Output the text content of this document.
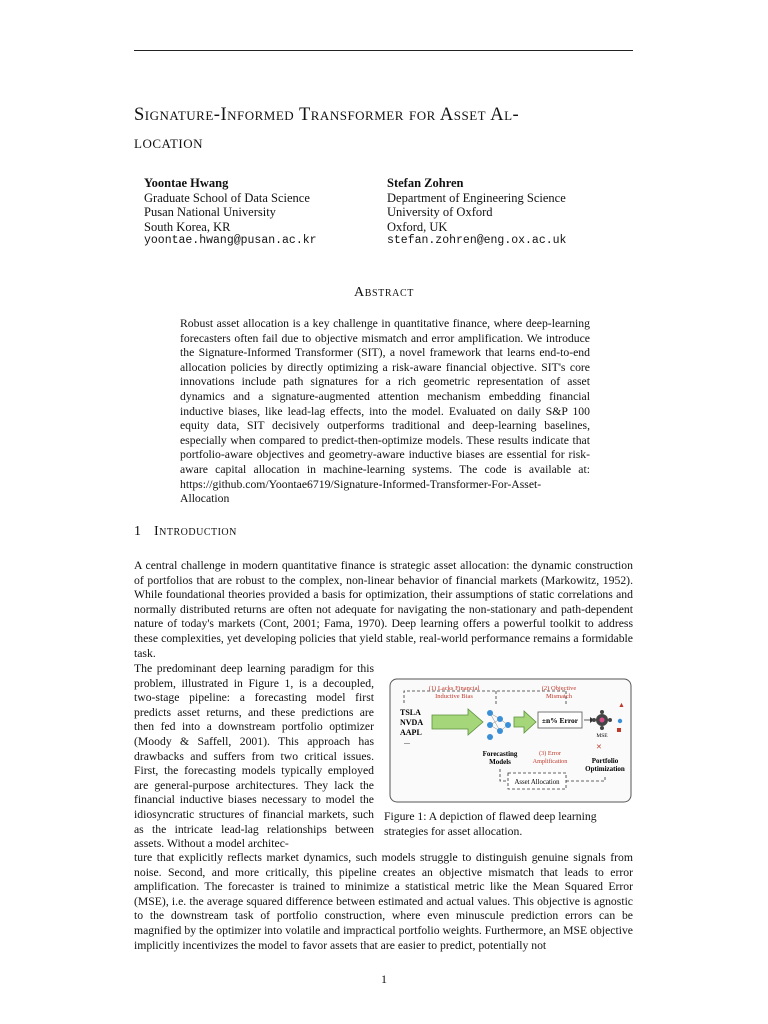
Signature-Informed Transformer for Asset Al-
location
Yoontae Hwang
Graduate School of Data Science
Pusan National University
South Korea, KR
yoontae.hwang@pusan.ac.kr
Stefan Zohren
Department of Engineering Science
University of Oxford
Oxford, UK
stefan.zohren@eng.ox.ac.uk
Abstract
Robust asset allocation is a key challenge in quantitative finance, where deep-learning forecasters often fail due to objective mismatch and error amplification. We introduce the Signature-Informed Transformer (SIT), a novel framework that learns end-to-end allocation policies by directly optimizing a risk-aware financial objective. SIT's core innovations include path signatures for a rich geometric representation of asset dynamics and a signature-augmented attention mechanism embedding financial inductive biases, like lead-lag effects, into the model. Evaluated on daily S&P 100 equity data, SIT decisively outperforms traditional and deep-learning baselines, especially when compared to predict-then-optimize models. These results indicate that portfolio-aware objectives and geometry-aware inductive biases are essential for risk-aware capital allocation in machine-learning systems. The code is available at: https://github.com/Yoontae6719/Signature-Informed-Transformer-For-Asset-Allocation
1 Introduction
A central challenge in modern quantitative finance is strategic asset allocation: the dynamic construction of portfolios that are robust to the complex, non-linear behavior of financial markets (Markowitz, 1952). While foundational theories provided a basis for optimization, their assumptions of static correlations and normally distributed returns are often not adequate for navigating the non-stationary and path-dependent nature of today's markets (Cont, 2001; Fama, 1970). Deep learning offers a powerful toolkit to address these complexities, yet developing policies that yield stable, real-world performance remains a formidable task.
The predominant deep learning paradigm for this problem, illustrated in Figure 1, is a decoupled, two-stage pipeline: a forecasting model first predicts asset returns, and these predictions are then fed into a downstream portfolio optimizer (Moody & Saffell, 2001). This approach has drawbacks and suffers from two critical issues. First, the forecasting models typically employed are general-purpose architectures. They lack the financial inductive biases necessary to model the idiosyncratic structures of financial markets, such as the intricate lead-lag relationships between assets. Without a model architec-
(1) Lacks Financial
Inductive Bias
(2) Objective
Mismatch
TSLA
NVDA
AAPL
...
Forecasting
Models
±n% Error
▲
MSE
✕
(3) Error
Amplification	Portfolio
Optimization
Asset Allocation
Figure 1: A depiction of flawed deep learning strategies for asset allocation.
ture that explicitly reflects market dynamics, such models struggle to distinguish genuine signals from noise. Second, and more critically, this pipeline creates an objective mismatch that leads to error amplification. The forecaster is trained to minimize a statistical metric like the Mean Squared Error (MSE), i.e. the average squared difference between estimated and actual values. This objective is agnostic to the downstream task of portfolio construction, where even minuscule prediction errors can be magnified by the optimizer into volatile and impractical portfolio weights. Furthermore, an MSE objective implicitly incentivizes the model to favor assets that are easier to predict, potentially not
1
